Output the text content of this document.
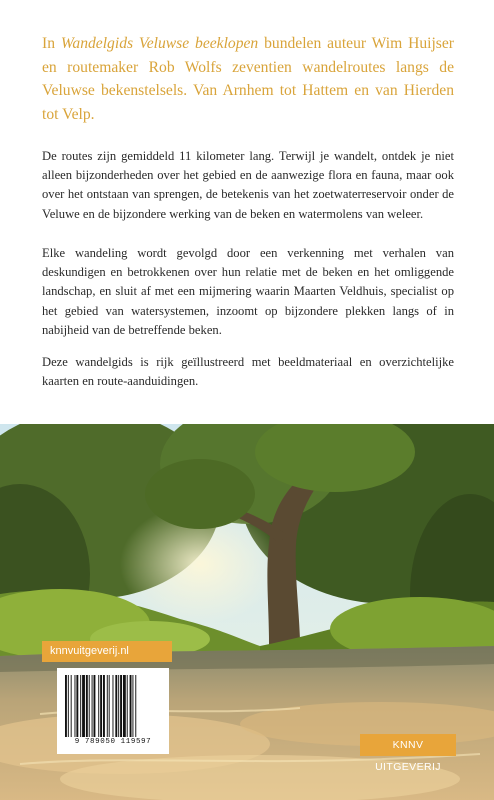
In Wandelgids Veluwse beeklopen bundelen auteur Wim Huijser en routemaker Rob Wolfs zeventien wandelroutes langs de Veluwse bekenstelsels. Van Arnhem tot Hattem en van Hierden tot Velp.

De routes zijn gemiddeld 11 kilometer lang. Terwijl je wandelt, ontdek je niet alleen bijzonderheden over het gebied en de aanwezige flora en fauna, maar ook over het ontstaan van sprengen, de betekenis van het zoetwaterreservoir onder de Veluwe en de bijzondere werking van de beken en watermolens van weleer.

Elke wandeling wordt gevolgd door een verkenning met verhalen van deskundigen en betrokkenen over hun relatie met de beken en het omliggende landschap, en sluit af met een mijmering waarin Maarten Veldhuis, specialist op het gebied van watersystemen, inzoomt op bijzondere plekken langs of in nabijheid van de betreffende beken.

Deze wandelgids is rijk geïllustreerd met beeldmateriaal en overzichtelijke kaarten en route-aanduidingen.

knnvuitgeverij.nl
9 789050 119597	KNNV UITGEVERIJ
